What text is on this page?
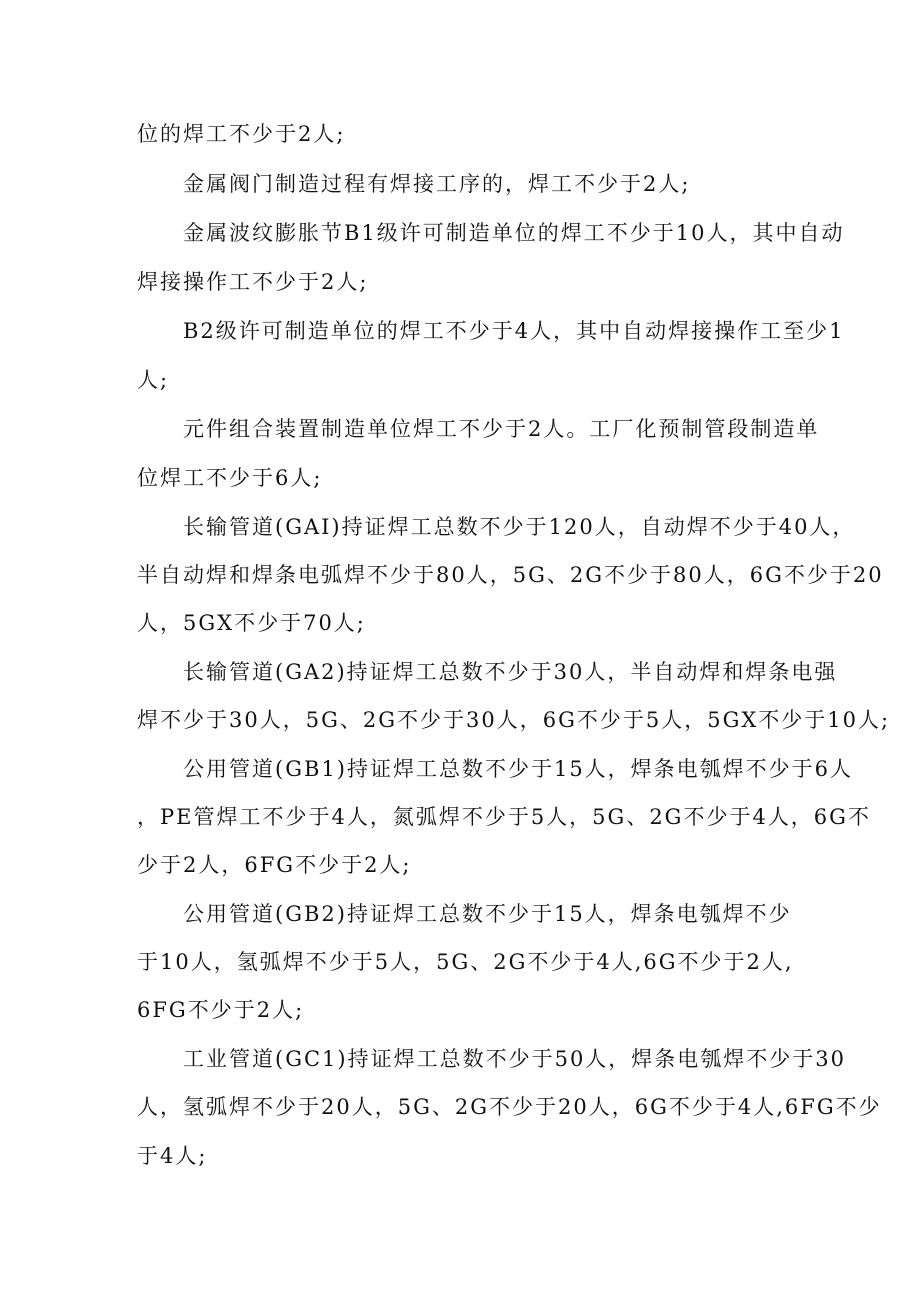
位的焊工不少于2人;
金属阀门制造过程有焊接工序的，焊工不少于2人;
金属波纹膨胀节B1级许可制造单位的焊工不少于10人，其中自动
焊接操作工不少于2人;
B2级许可制造单位的焊工不少于4人，其中自动焊接操作工至少1
人;
元件组合装置制造单位焊工不少于2人。工厂化预制管段制造单
位焊工不少于6人;
长输管道(GAI)持证焊工总数不少于120人，自动焊不少于40人，
半自动焊和焊条电弧焊不少于80人，5G、2G不少于80人，6G不少于20
人，5GX不少于70人;
长输管道(GA2)持证焊工总数不少于30人，半自动焊和焊条电强
焊不少于30人，5G、2G不少于30人，6G不少于5人，5GX不少于10人;
公用管道(GB1)持证焊工总数不少于15人，焊条电瓠焊不少于6人
，PE管焊工不少于4人，氮弧焊不少于5人，5G、2G不少于4人，6G不
少于2人，6FG不少于2人;
公用管道(GB2)持证焊工总数不少于15人，焊条电瓠焊不少
于10人，氢弧焊不少于5人，5G、2G不少于4人,6G不少于2人,
6FG不少于2人;
工业管道(GC1)持证焊工总数不少于50人，焊条电瓠焊不少于30
人，氢弧焊不少于20人，5G、2G不少于20人，6G不少于4人,6FG不少
于4人;
